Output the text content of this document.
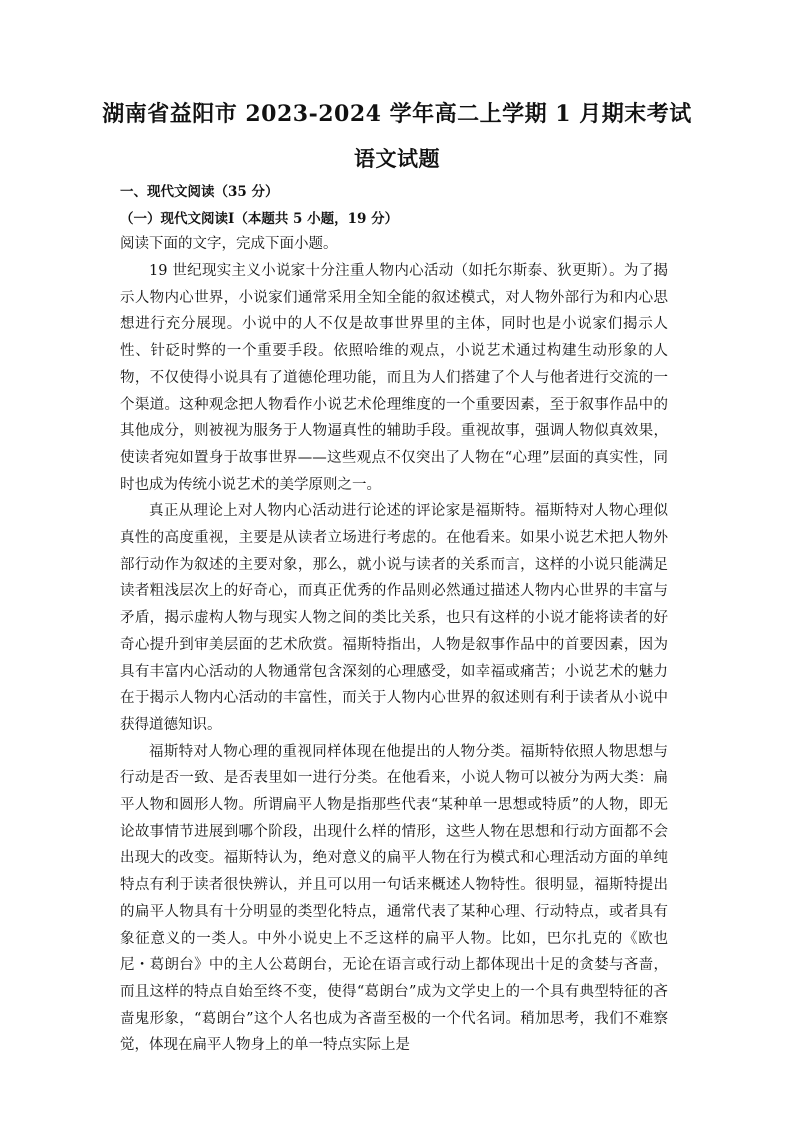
湖南省益阳市 2023-2024 学年高二上学期 1 月期末考试
语文试题
一、现代文阅读（35 分）
（一）现代文阅读Ⅰ（本题共 5 小题，19 分）
阅读下面的文字，完成下面小题。

19 世纪现实主义小说家十分注重人物内心活动（如托尔斯泰、狄更斯）。为了揭示人物内心世界，小说家们通常采用全知全能的叙述模式，对人物外部行为和内心思想进行充分展现。小说中的人不仅是故事世界里的主体，同时也是小说家们揭示人性、针砭时弊的一个重要手段。依照哈维的观点，小说艺术通过构建生动形象的人物，不仅使得小说具有了道德伦理功能，而且为人们搭建了个人与他者进行交流的一个渠道。这种观念把人物看作小说艺术伦理维度的一个重要因素，至于叙事作品中的其他成分，则被视为服务于人物逼真性的辅助手段。重视故事，强调人物似真效果，使读者宛如置身于故事世界——这些观点不仅突出了人物在“心理”层面的真实性，同时也成为传统小说艺术的美学原则之一。

真正从理论上对人物内心活动进行论述的评论家是福斯特。福斯特对人物心理似真性的高度重视，主要是从读者立场进行考虑的。在他看来。如果小说艺术把人物外部行动作为叙述的主要对象，那么，就小说与读者的关系而言，这样的小说只能满足读者粗浅层次上的好奇心，而真正优秀的作品则必然通过描述人物内心世界的丰富与矛盾，揭示虚构人物与现实人物之间的类比关系，也只有这样的小说才能将读者的好奇心提升到审美层面的艺术欣赏。福斯特指出，人物是叙事作品中的首要因素，因为具有丰富内心活动的人物通常包含深刻的心理感受，如幸福或痛苦；小说艺术的魅力在于揭示人物内心活动的丰富性，而关于人物内心世界的叙述则有利于读者从小说中获得道德知识。

福斯特对人物心理的重视同样体现在他提出的人物分类。福斯特依照人物思想与行动是否一致、是否表里如一进行分类。在他看来，小说人物可以被分为两大类：扁平人物和圆形人物。所谓扁平人物是指那些代表“某种单一思想或特质”的人物，即无论故事情节进展到哪个阶段，出现什么样的情形，这些人物在思想和行动方面都不会出现大的改变。福斯特认为，绝对意义的扁平人物在行为模式和心理活动方面的单纯特点有利于读者很快辨认，并且可以用一句话来概述人物特性。很明显，福斯特提出的扁平人物具有十分明显的类型化特点，通常代表了某种心理、行动特点，或者具有象征意义的一类人。中外小说史上不乏这样的扁平人物。比如，巴尔扎克的《欧也尼・葛朗台》中的主人公葛朗台，无论在语言或行动上都体现出十足的贪婪与吝啬，而且这样的特点自始至终不变，使得“葛朗台”成为文学史上的一个具有典型特征的吝啬鬼形象，“葛朗台”这个人名也成为吝啬至极的一个代名词。稍加思考，我们不难察觉，体现在扁平人物身上的单一特点实际上是
